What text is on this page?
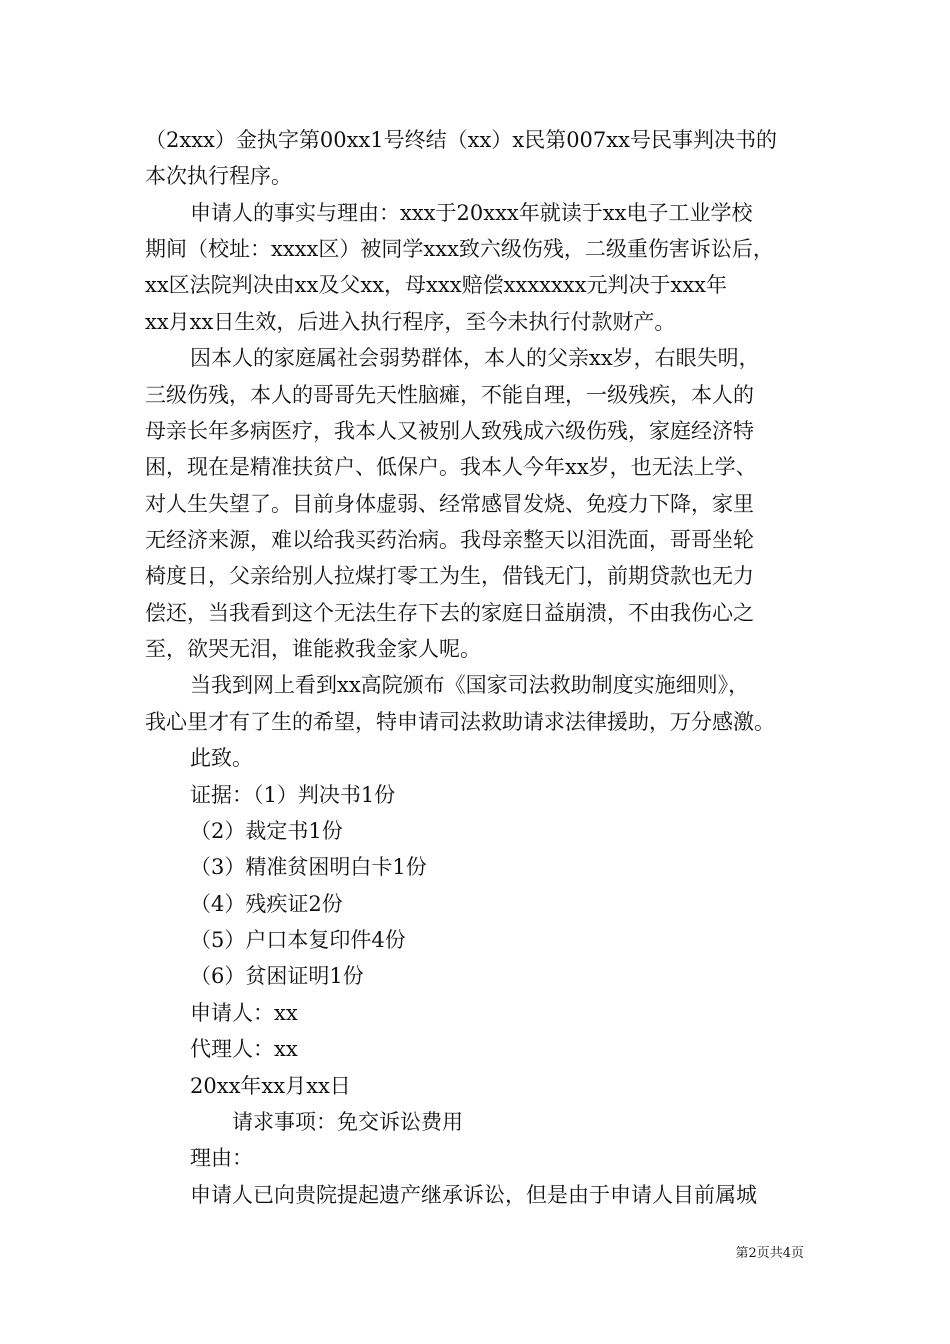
（2xxx）金执字第00xx1号终结（xx）x民第007xx号民事判决书的
本次执行程序。
申请人的事实与理由：xxx于20xxx年就读于xx电子工业学校
期间（校址：xxxx区）被同学xxx致六级伤残，二级重伤害诉讼后，
xx区法院判决由xx及父xx，母xxx赔偿xxxxxxx元判决于xxx年
xx月xx日生效，后进入执行程序，至今未执行付款财产。
因本人的家庭属社会弱势群体，本人的父亲xx岁，右眼失明，
三级伤残，本人的哥哥先天性脑瘫，不能自理，一级残疾，本人的
母亲长年多病医疗，我本人又被别人致残成六级伤残，家庭经济特
困，现在是精准扶贫户、低保户。我本人今年xx岁，也无法上学、
对人生失望了。目前身体虚弱、经常感冒发烧、免疫力下降，家里
无经济来源，难以给我买药治病。我母亲整天以泪洗面，哥哥坐轮
椅度日，父亲给别人拉煤打零工为生，借钱无门，前期贷款也无力
偿还，当我看到这个无法生存下去的家庭日益崩溃，不由我伤心之
至，欲哭无泪，谁能救我金家人呢。
当我到网上看到xx高院颁布《国家司法救助制度实施细则》，
我心里才有了生的希望，特申请司法救助请求法律援助，万分感激。
此致。
证据：（1）判决书1份
（2）裁定书1份
（3）精准贫困明白卡1份
（4）残疾证2份
（5）户口本复印件4份
（6）贫困证明1份
申请人：xx
代理人：xx
20xx年xx月xx日
请求事项：免交诉讼费用
理由：
申请人已向贵院提起遗产继承诉讼，但是由于申请人目前属城
第2页共4页
